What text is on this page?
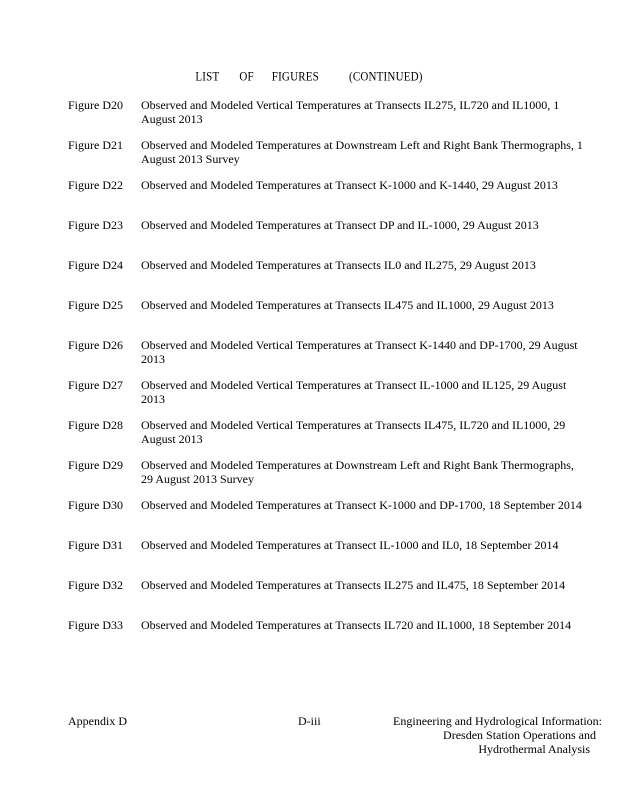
LIST OF FIGURES	(CONTINUED)
Figure D20	Observed and Modeled Vertical Temperatures at Transects IL275, IL720 and IL1000, 1 August 2013
Figure D21	Observed and Modeled Temperatures at Downstream Left and Right Bank Thermographs, 1 August 2013 Survey
Figure D22	Observed and Modeled Temperatures at Transect K-1000 and K-1440, 29 August 2013
Figure D23	Observed and Modeled Temperatures at Transect DP and IL-1000, 29 August 2013
Figure D24	Observed and Modeled Temperatures at Transects IL0 and IL275, 29 August 2013
Figure D25	Observed and Modeled Temperatures at Transects IL475 and IL1000, 29 August 2013
Figure D26	Observed and Modeled Vertical Temperatures at Transect K-1440 and DP-1700, 29 August 2013
Figure D27	Observed and Modeled Vertical Temperatures at Transect IL-1000 and IL125, 29 August 2013
Figure D28	Observed and Modeled Vertical Temperatures at Transects IL475, IL720 and IL1000, 29 August 2013
Figure D29	Observed and Modeled Temperatures at Downstream Left and Right Bank Thermographs, 29 August 2013 Survey
Figure D30	Observed and Modeled Temperatures at Transect K-1000 and DP-1700, 18 September 2014
Figure D31	Observed and Modeled Temperatures at Transect IL-1000 and IL0, 18 September 2014
Figure D32	Observed and Modeled Temperatures at Transects IL275 and IL475, 18 September 2014
Figure D33	Observed and Modeled Temperatures at Transects IL720 and IL1000, 18 September 2014
Appendix D	D-iii	Engineering and Hydrological Information:
Dresden Station Operations and
Hydrothermal Analysis
